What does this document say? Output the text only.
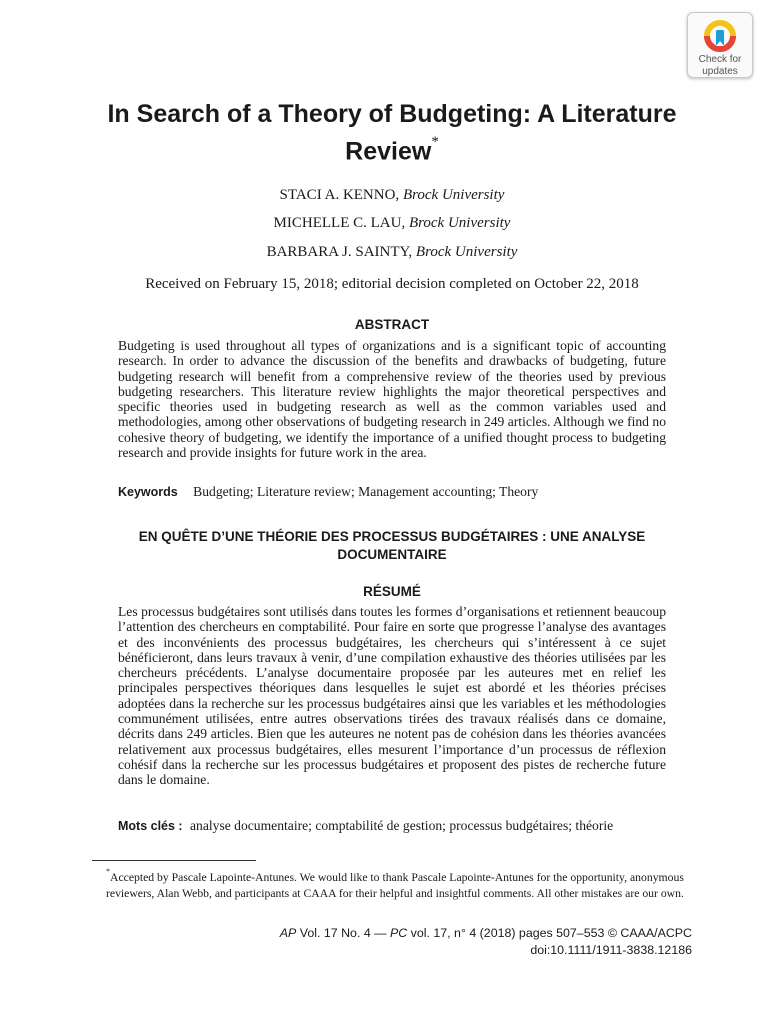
Check for
updates
In Search of a Theory of Budgeting: A Literature Review*
STACI A. KENNO, Brock University
MICHELLE C. LAU, Brock University
BARBARA J. SAINTY, Brock University
Received on February 15, 2018; editorial decision completed on October 22, 2018
ABSTRACT

Budgeting is used throughout all types of organizations and is a significant topic of accounting research. In order to advance the discussion of the benefits and drawbacks of budgeting, future budgeting research will benefit from a comprehensive review of the theories used by previous budgeting researchers. This literature review highlights the major theoretical perspectives and specific theories used in budgeting research as well as the common variables used and methodologies, among other observations of budgeting research in 249 articles. Although we find no cohesive theory of budgeting, we identify the importance of a unified thought process to budgeting research and provide insights for future work in the area.

Keywords Budgeting; Literature review; Management accounting; Theory
EN QUÊTE D’UNE THÉORIE DES PROCESSUS BUDGÉTAIRES : UNE ANALYSE DOCUMENTAIRE
RÉSUMÉ

Les processus budgétaires sont utilisés dans toutes les formes d’organisations et retiennent beaucoup l’attention des chercheurs en comptabilité. Pour faire en sorte que progresse l’analyse des avantages et des inconvénients des processus budgétaires, les chercheurs qui s’intéressent à ce sujet bénéficieront, dans leurs travaux à venir, d’une compilation exhaustive des théories utilisées par les chercheurs précédents. L’analyse documentaire proposée par les auteures met en relief les principales perspectives théoriques dans lesquelles le sujet est abordé et les théories précises adoptées dans la recherche sur les processus budgétaires ainsi que les variables et les méthodologies communément utilisées, entre autres observations tirées des travaux réalisés dans ce domaine, décrits dans 249 articles. Bien que les auteures ne notent pas de cohésion dans les théories avancées relativement aux processus budgétaires, elles mesurent l’importance d’un processus de réflexion cohésif dans la recherche sur les processus budgétaires et proposent des pistes de recherche future dans le domaine.

Mots clés : analyse documentaire; comptabilité de gestion; processus budgétaires; théorie

*Accepted by Pascale Lapointe-Antunes. We would like to thank Pascale Lapointe-Antunes for the opportunity, anonymous reviewers, Alan Webb, and participants at CAAA for their helpful and insightful comments. All other mistakes are our own.

AP Vol. 17 No. 4 — PC vol. 17, n° 4 (2018) pages 507–553 © CAAA/ACPC
doi:10.1111/1911-3838.12186
